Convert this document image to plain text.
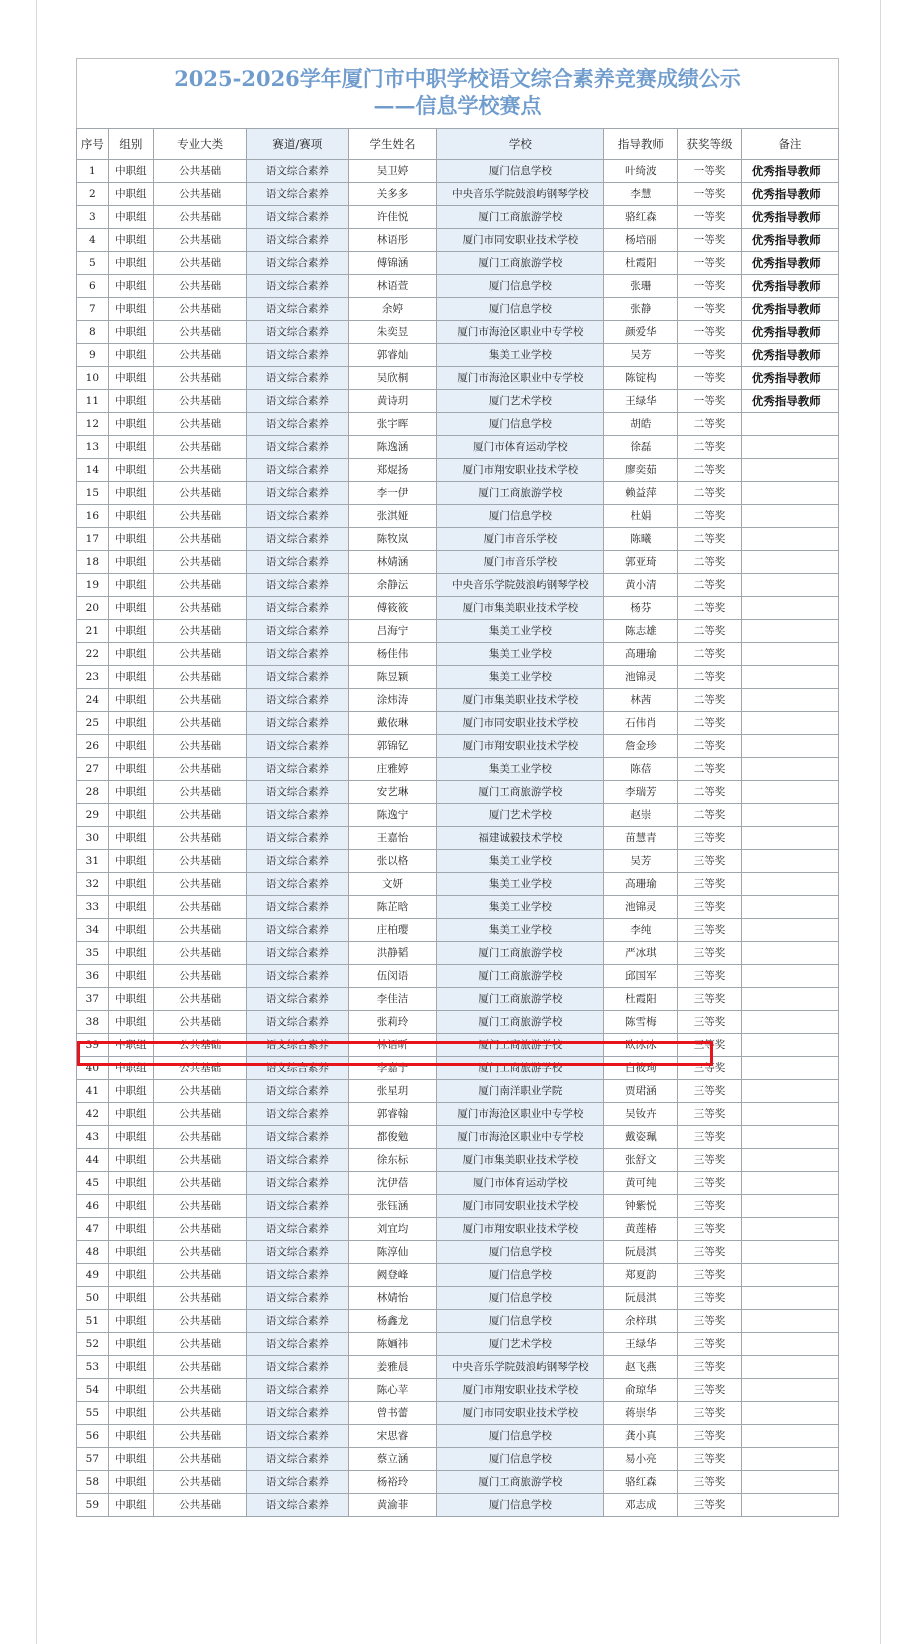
2025-2026学年厦门市中职学校语文综合素养竞赛成绩公示
——信息学校赛点
序号	组别	专业大类	赛道/赛项	学生姓名	学校	指导教师	获奖等级	备注
1	中职组	公共基础	语文综合素养	吴卫婷	厦门信息学校	叶绮波	一等奖	优秀指导教师
2	中职组	公共基础	语文综合素养	关多多	中央音乐学院鼓浪屿钢琴学校	李慧	一等奖	优秀指导教师
3	中职组	公共基础	语文综合素养	许佳悦	厦门工商旅游学校	骆红森	一等奖	优秀指导教师
4	中职组	公共基础	语文综合素养	林语彤	厦门市同安职业技术学校	杨培丽	一等奖	优秀指导教师
5	中职组	公共基础	语文综合素养	傅锦涵	厦门工商旅游学校	杜霞阳	一等奖	优秀指导教师
6	中职组	公共基础	语文综合素养	林语萱	厦门信息学校	张珊	一等奖	优秀指导教师
7	中职组	公共基础	语文综合素养	余婷	厦门信息学校	张静	一等奖	优秀指导教师
8	中职组	公共基础	语文综合素养	朱奕昱	厦门市海沧区职业中专学校	颜爱华	一等奖	优秀指导教师
9	中职组	公共基础	语文综合素养	郭睿灿	集美工业学校	吴芳	一等奖	优秀指导教师
10	中职组	公共基础	语文综合素养	吴欣桐	厦门市海沧区职业中专学校	陈锭构	一等奖	优秀指导教师
11	中职组	公共基础	语文综合素养	黄诗玥	厦门艺术学校	王绿华	一等奖	优秀指导教师
12	中职组	公共基础	语文综合素养	张宇晖	厦门信息学校	胡皓	二等奖	
13	中职组	公共基础	语文综合素养	陈逸涵	厦门市体育运动学校	徐磊	二等奖	
14	中职组	公共基础	语文综合素养	郑焜扬	厦门市翔安职业技术学校	廖奕茹	二等奖	
15	中职组	公共基础	语文综合素养	李一伊	厦门工商旅游学校	赖益萍	二等奖	
16	中职组	公共基础	语文综合素养	张淇娅	厦门信息学校	杜娟	二等奖	
17	中职组	公共基础	语文综合素养	陈牧岚	厦门市音乐学校	陈曦	二等奖	
18	中职组	公共基础	语文综合素养	林婧涵	厦门市音乐学校	郭亚琦	二等奖	
19	中职组	公共基础	语文综合素养	余静沄	中央音乐学院鼓浪屿钢琴学校	黄小清	二等奖	
20	中职组	公共基础	语文综合素养	傅筱筱	厦门市集美职业技术学校	杨芬	二等奖	
21	中职组	公共基础	语文综合素养	吕海宁	集美工业学校	陈志雄	二等奖	
22	中职组	公共基础	语文综合素养	杨佳伟	集美工业学校	高珊瑜	二等奖	
23	中职组	公共基础	语文综合素养	陈昱颖	集美工业学校	池锦灵	二等奖	
24	中职组	公共基础	语文综合素养	涂炜涛	厦门市集美职业技术学校	林茜	二等奖	
25	中职组	公共基础	语文综合素养	戴依琳	厦门市同安职业技术学校	石伟肖	二等奖	
26	中职组	公共基础	语文综合素养	郭锦钇	厦门市翔安职业技术学校	詹金珍	二等奖	
27	中职组	公共基础	语文综合素养	庄雅婷	集美工业学校	陈蓓	二等奖	
28	中职组	公共基础	语文综合素养	安艺琳	厦门工商旅游学校	李瑞芳	二等奖	
29	中职组	公共基础	语文综合素养	陈逸宁	厦门艺术学校	赵崇	二等奖	
30	中职组	公共基础	语文综合素养	王嘉怡	福建诚毅技术学校	苗慧青	三等奖	
31	中职组	公共基础	语文综合素养	张以格	集美工业学校	吴芳	三等奖	
32	中职组	公共基础	语文综合素养	文妍	集美工业学校	高珊瑜	三等奖	
33	中职组	公共基础	语文综合素养	陈芷晗	集美工业学校	池锦灵	三等奖	
34	中职组	公共基础	语文综合素养	庄柏璎	集美工业学校	李纯	三等奖	
35	中职组	公共基础	语文综合素养	洪静韬	厦门工商旅游学校	严冰琪	三等奖	
36	中职组	公共基础	语文综合素养	伍闵语	厦门工商旅游学校	邱国军	三等奖	
37	中职组	公共基础	语文综合素养	李佳洁	厦门工商旅游学校	杜霞阳	三等奖	
38	中职组	公共基础	语文综合素养	张莉玲	厦门工商旅游学校	陈雪梅	三等奖	
39	中职组	公共基础	语文综合素养	林语昕	厦门工商旅游学校	欧冰冰	三等奖	
40	中职组	公共基础	语文综合素养	李嘉宁	厦门工商旅游学校	白筱珣	三等奖	
41	中职组	公共基础	语文综合素养	张星玥	厦门南洋职业学院	贾珺涵	三等奖	
42	中职组	公共基础	语文综合素养	郭睿翰	厦门市海沧区职业中专学校	吴钕卉	三等奖	
43	中职组	公共基础	语文综合素养	都俊勉	厦门市海沧区职业中专学校	戴姿珮	三等奖	
44	中职组	公共基础	语文综合素养	徐东标	厦门市集美职业技术学校	张舒文	三等奖	
45	中职组	公共基础	语文综合素养	沈伊蓓	厦门市体育运动学校	黄可纯	三等奖	
46	中职组	公共基础	语文综合素养	张钰涵	厦门市同安职业技术学校	钟紫悦	三等奖	
47	中职组	公共基础	语文综合素养	刘宜均	厦门市翔安职业技术学校	黄莲椿	三等奖	
48	中职组	公共基础	语文综合素养	陈淳仙	厦门信息学校	阮晨淇	三等奖	
49	中职组	公共基础	语文综合素养	阙登峰	厦门信息学校	郑夏韵	三等奖	
50	中职组	公共基础	语文综合素养	林婧怡	厦门信息学校	阮晨淇	三等奖	
51	中职组	公共基础	语文综合素养	杨鑫龙	厦门信息学校	余梓琪	三等奖	
52	中职组	公共基础	语文综合素养	陈婳祎	厦门艺术学校	王绿华	三等奖	
53	中职组	公共基础	语文综合素养	姜雅晨	中央音乐学院鼓浪屿钢琴学校	赵飞燕	三等奖	
54	中职组	公共基础	语文综合素养	陈心苹	厦门市翔安职业技术学校	俞琼华	三等奖	
55	中职组	公共基础	语文综合素养	曾书蕾	厦门市同安职业技术学校	蒋崇华	三等奖	
56	中职组	公共基础	语文综合素养	宋思睿	厦门信息学校	龚小真	三等奖	
57	中职组	公共基础	语文综合素养	蔡立涵	厦门信息学校	易小亮	三等奖	
58	中职组	公共基础	语文综合素养	杨裕玲	厦门工商旅游学校	骆红森	三等奖	
59	中职组	公共基础	语文综合素养	黄渝菲	厦门信息学校	邓志成	三等奖	
